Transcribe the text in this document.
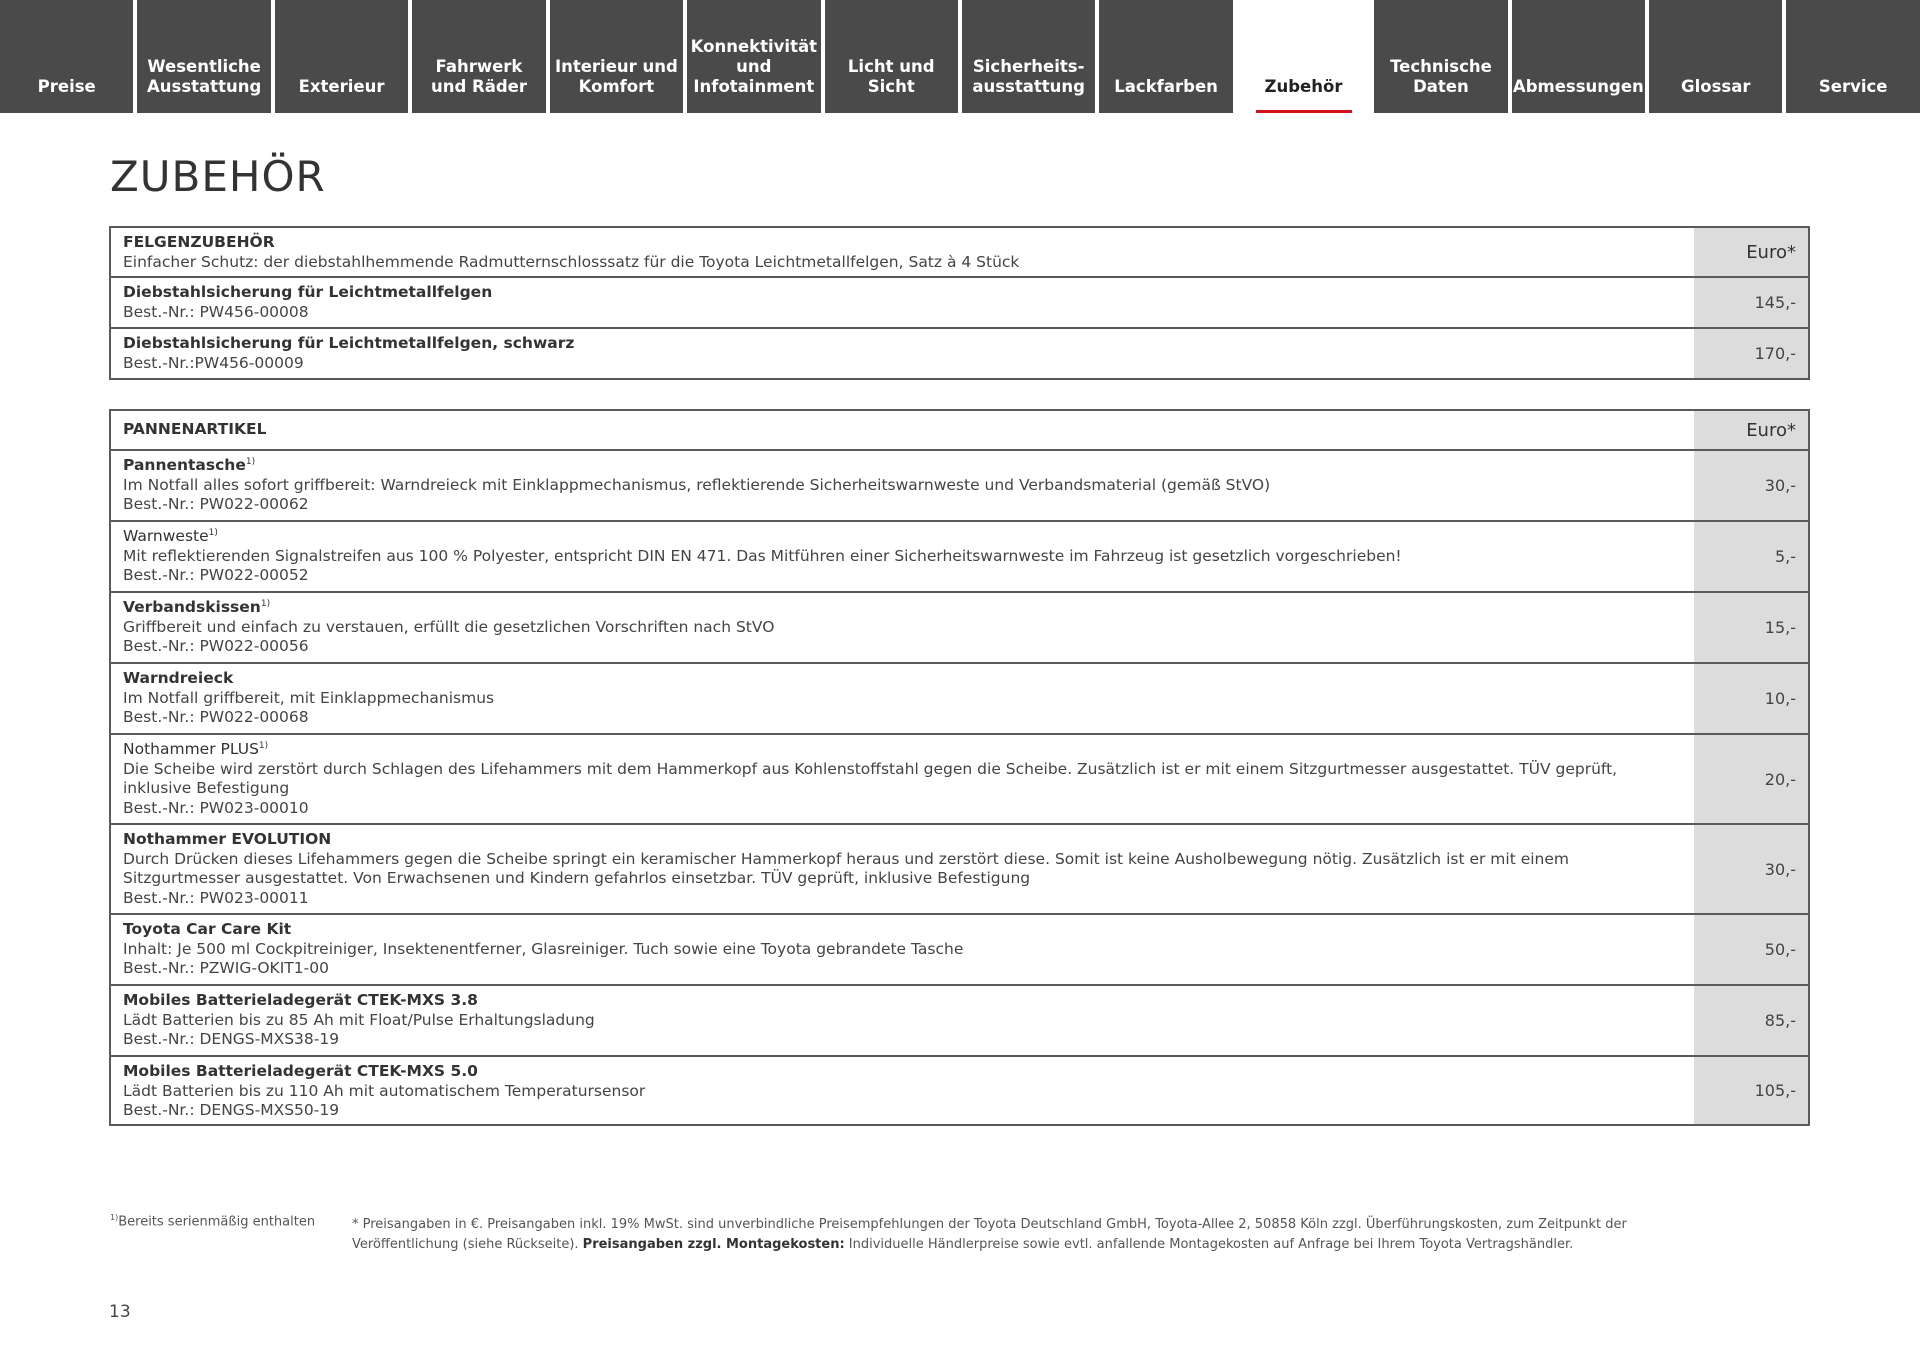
Preise
Wesentliche
Ausstattung	Exterieur
Fahrwerk
und Räder
Interieur und
Komfort
Konnektivität
und
Infotainment
Licht und Sicht
Sicherheits-
ausstattung	Lackfarben	Zubehör
Technische
Daten	Abmessungen	Glossar	Service
ZUBEHÖR
FELGENZUBEHÖR
Einfacher Schutz: der diebstahlhemmende Radmutternschlosssatz für die Toyota Leichtmetallfelgen, Satz à 4 Stück	Euro*
Diebstahlsicherung für Leichtmetallfelgen
Best.-Nr.: PW456-00008	145,-
Diebstahlsicherung für Leichtmetallfelgen, schwarz
Best.-Nr.:PW456-00009	170,-
PANNENARTIKEL	Euro*
Pannentasche$^{1)}$
Im Notfall alles sofort griffbereit: Warndreieck mit Einklappmechanismus, reflektierende Sicherheitswarnweste und Verbandsmaterial (gemäß StVO)
Best.-Nr.: PW022-00062
30,-
Warnweste$^{1)}$
Mit reflektierenden Signalstreifen aus 100 % Polyester, entspricht DIN EN 471. Das Mitführen einer Sicherheitswarnweste im Fahrzeug ist gesetzlich vorgeschrieben!
Best.-Nr.: PW022-00052
5,-
Verbandskissen$^{1)}$
Griffbereit und einfach zu verstauen, erfüllt die gesetzlichen Vorschriften nach StVO
Best.-Nr.: PW022-00056
15,-
Warndreieck
Im Notfall griffbereit, mit Einklappmechanismus
Best.-Nr.: PW022-00068
10,-
Nothammer PLUS$^{1)}$
Die Scheibe wird zerstört durch Schlagen des Lifehammers mit dem Hammerkopf aus Kohlenstoffstahl gegen die Scheibe. Zusätzlich ist er mit einem Sitzgurtmesser ausgestattet. TÜV geprüft, inklusive Befestigung
Best.-Nr.: PW023-00010
20,-
Nothammer EVOLUTION
Durch Drücken dieses Lifehammers gegen die Scheibe springt ein keramischer Hammerkopf heraus und zerstört diese. Somit ist keine Ausholbewegung nötig. Zusätzlich ist er mit einem Sitzgurtmesser ausgestattet. Von Erwachsenen und Kindern gefahrlos einsetzbar. TÜV geprüft, inklusive Befestigung
Best.-Nr.: PW023-00011
30,-
Toyota Car Care Kit
Inhalt: Je 500 ml Cockpitreiniger, Insektenentferner, Glasreiniger. Tuch sowie eine Toyota gebrandete Tasche
Best.-Nr.: PZWIG-OKIT1-00
50,-
Mobiles Batterieladegerät CTEK-MXS 3.8
Lädt Batterien bis zu 85 Ah mit Float/Pulse Erhaltungsladung
Best.-Nr.: DENGS-MXS38-19
85,-
Mobiles Batterieladegerät CTEK-MXS 5.0
Lädt Batterien bis zu 110 Ah mit automatischem Temperatursensor
Best.-Nr.: DENGS-MXS50-19
105,-
$^{1)}$Bereits serienmäßig enthalten	* Preisangaben in €. Preisangaben inkl. 19% MwSt. sind unverbindliche Preisempfehlungen der Toyota Deutschland GmbH, Toyota-Allee 2, 50858 Köln zzgl. Überführungskosten, zum Zeitpunkt der Veröffentlichung (siehe Rückseite). Preisangaben zzgl. Montagekosten: Individuelle Händlerpreise sowie evtl. anfallende Montagekosten auf Anfrage bei Ihrem Toyota Vertragshändler.
13
